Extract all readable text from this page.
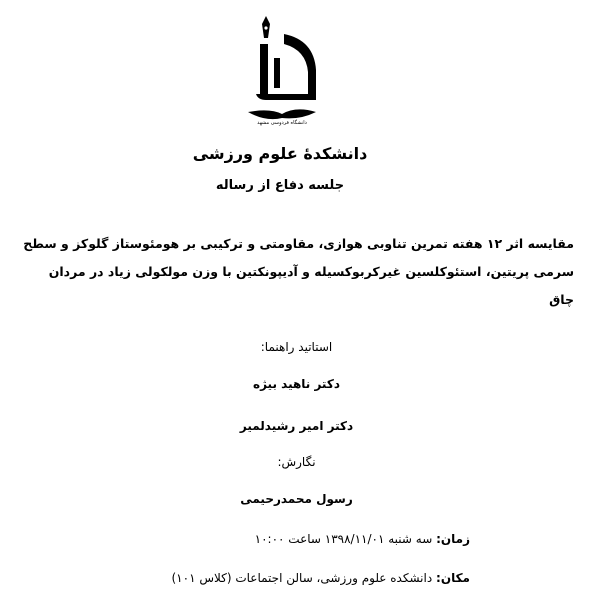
دانشگاه فردوسی مشهد
دانشکدهٔ علوم ورزشی
جلسه دفاع از رساله
مقایسه اثر ۱۲ هفته تمرین تناوبی هوازی، مقاومتی و ترکیبی بر هومئوستاز گلوکز و سطح سرمی پریتین، استئوکلسین غیرکربوکسیله و آدیپونکتین با وزن مولکولی زیاد در مردان چاق
استاتید راهنما:
دکتر ناهید بیژه
دکتر امیر رشیدلمیر
نگارش:
رسول محمدرحیمی
زمان: سه شنبه ۱۳۹۸/۱۱/۰۱ ساعت ۱۰:۰۰
مکان: دانشکده علوم ورزشی، سالن اجتماعات (کلاس ۱۰۱)
